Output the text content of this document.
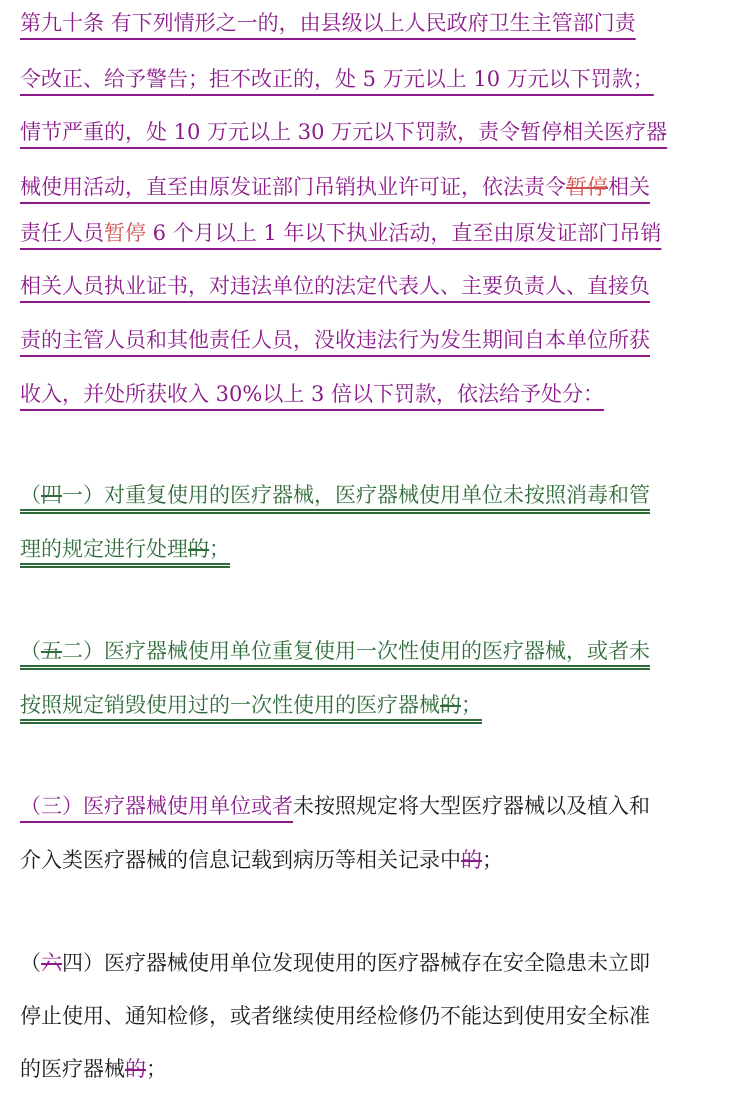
第九十条 有下列情形之一的，由县级以上人民政府卫生主管部门责
令改正、给予警告；拒不改正的，处 5 万元以上 10 万元以下罚款；
情节严重的，处 10 万元以上 30 万元以下罚款，责令暂停相关医疗器
械使用活动，直至由原发证部门吊销执业许可证，依法责令暂停相关
责任人员暂停 6 个月以上 1 年以下执业活动，直至由原发证部门吊销
相关人员执业证书，对违法单位的法定代表人、主要负责人、直接负
责的主管人员和其他责任人员，没收违法行为发生期间自本单位所获
收入，并处所获收入 30%以上 3 倍以下罚款，依法给予处分：
（四一）对重复使用的医疗器械，医疗器械使用单位未按照消毒和管
理的规定进行处理的；
（五二）医疗器械使用单位重复使用一次性使用的医疗器械，或者未
按照规定销毁使用过的一次性使用的医疗器械的；
（三）医疗器械使用单位或者未按照规定将大型医疗器械以及植入和
介入类医疗器械的信息记载到病历等相关记录中的；
（六四）医疗器械使用单位发现使用的医疗器械存在安全隐患未立即
停止使用、通知检修，或者继续使用经检修仍不能达到使用安全标准
的医疗器械的；
